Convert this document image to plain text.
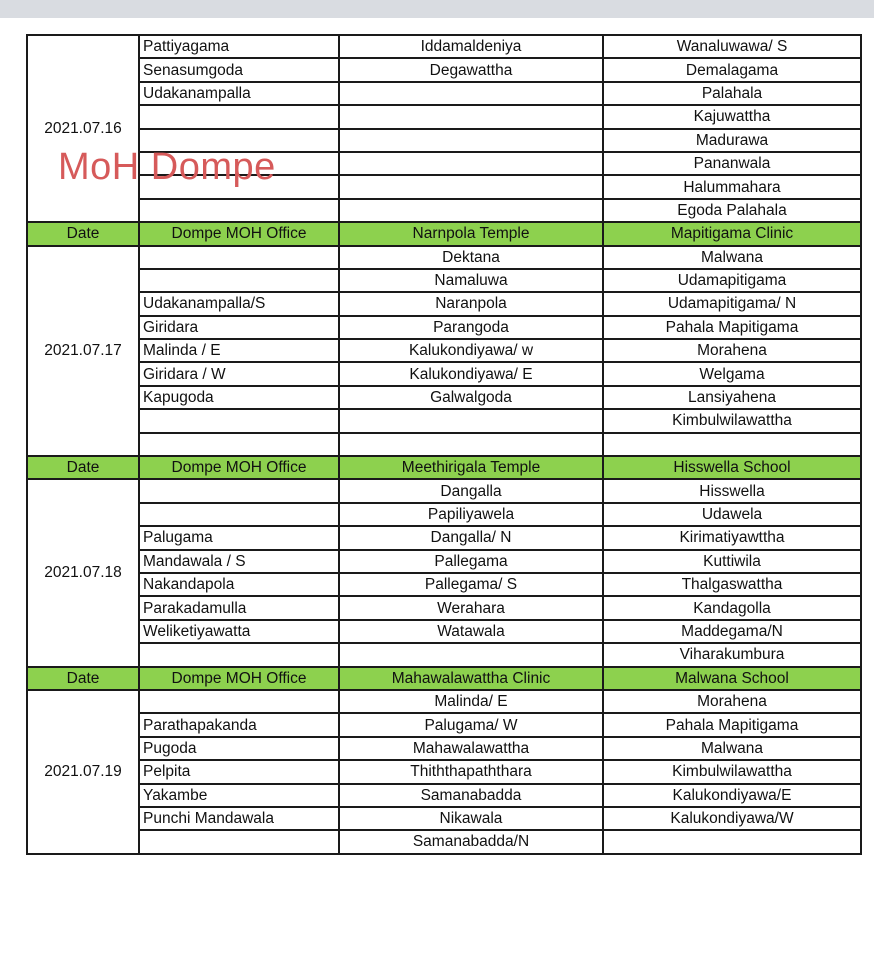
2021.07.16	Pattiyagama	Iddamaldeniya	Wanaluwawa/ S
	Senasumgoda	Degawattha	Demalagama
	Udakanampalla		Palahala
			Kajuwattha
			Madurawa
			Pananwala
			Halummahara
			Egoda Palahala
Date	Dompe MOH Office	Narnpola Temple	Mapitigama Clinic
2021.07.17		Dektana	Malwana
		Namaluwa	Udamapitigama
	Udakanampalla/S	Naranpola	Udamapitigama/ N
	Giridara	Parangoda	Pahala Mapitigama
	Malinda / E	Kalukondiyawa/ w	Morahena
	Giridara / W	Kalukondiyawa/ E	Welgama
	Kapugoda	Galwalgoda	Lansiyahena
			Kimbulwilawattha

Date	Dompe MOH Office	Meethirigala Temple	Hisswella School
2021.07.18		Dangalla	Hisswella
		Papiliyawela	Udawela
	Palugama	Dangalla/ N	Kirimatiyawttha
	Mandawala / S	Pallegama	Kuttiwila
	Nakandapola	Pallegama/ S	Thalgaswattha
	Parakadamulla	Werahara	Kandagolla
	Weliketiyawatta	Watawala	Maddegama/N
			Viharakumbura
Date	Dompe MOH Office	Mahawalawattha Clinic	Malwana School
2021.07.19		Malinda/ E	Morahena
	Parathapakanda	Palugama/ W	Pahala Mapitigama
	Pugoda	Mahawalawattha	Malwana
	Pelpita	Thiththapaththara	Kimbulwilawattha
	Yakambe	Samanabadda	Kalukondiyawa/E
	Punchi Mandawala	Nikawala	Kalukondiyawa/W
		Samanabadda/N	
MoH Dompe
